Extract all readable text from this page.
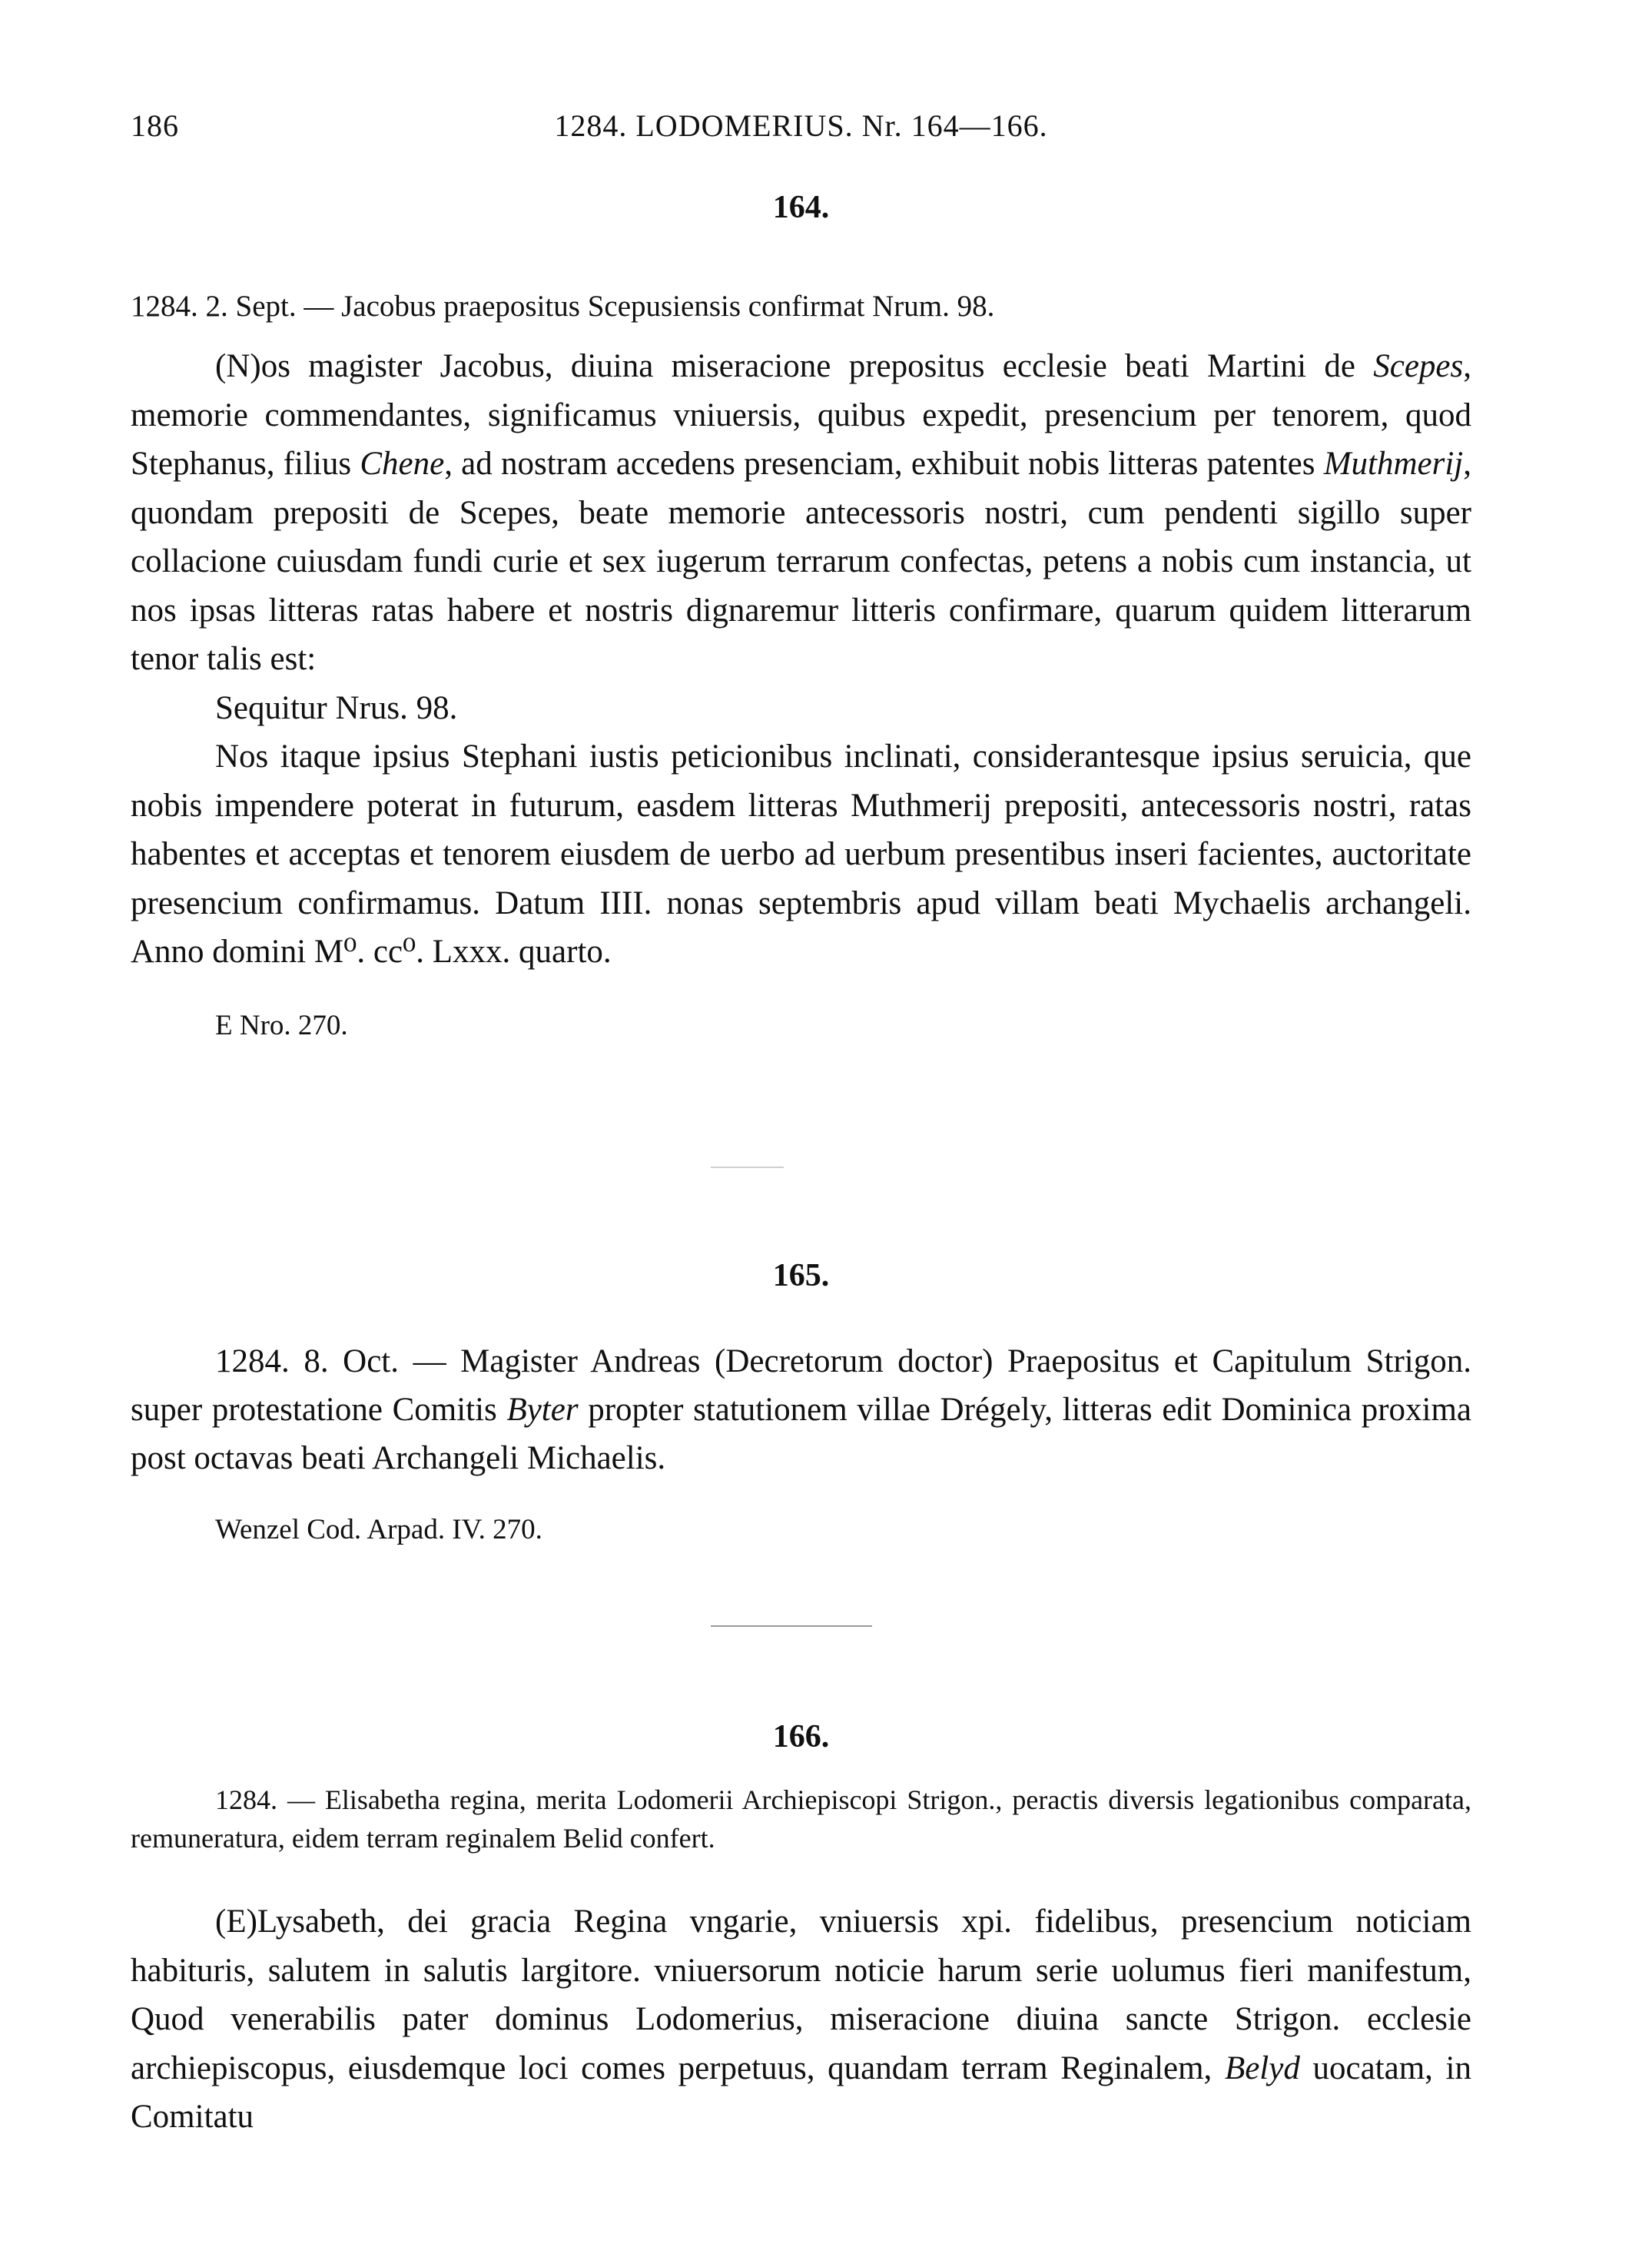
186	1284. LODOMERIUS. Nr. 164—166.

164.

1284. 2. Sept. — Jacobus praepositus Scepusiensis confirmat Nrum. 98.

(N)os magister Jacobus, diuina miseracione prepositus ecclesie beati Martini de Scepes, memorie commendantes, significamus vniuersis, quibus expedit, presencium per tenorem, quod Stephanus, filius Chene, ad nostram accedens presenciam, exhibuit nobis litteras patentes Muthmerij, quondam prepositi de Scepes, beate memorie antecessoris nostri, cum pendenti sigillo super collacione cuiusdam fundi curie et sex iugerum terrarum confectas, petens a nobis cum instancia, ut nos ipsas litteras ratas habere et nostris dignaremur litteris confirmare, quarum quidem litterarum tenor talis est:

Sequitur Nrus. 98.

Nos itaque ipsius Stephani iustis peticionibus inclinati, considerantesque ipsius seruicia, que nobis impendere poterat in futurum, easdem litteras Muthmerij prepositi, antecessoris nostri, ratas habentes et acceptas et tenorem eiusdem de uerbo ad uerbum presentibus inseri facientes, auctoritate presencium confirmamus. Datum IIII. nonas septembris apud villam beati Mychaelis archangeli. Anno domini M⁰. cc⁰. Lxxx. quarto.

E Nro. 270.

165.

1284. 8. Oct. — Magister Andreas (Decretorum doctor) Praepositus et Capitulum Strigon. super protestatione Comitis Byter propter statutionem villae Drégely, litteras edit Dominica proxima post octavas beati Archangeli Michaelis.

Wenzel Cod. Arpad. IV. 270.

166.

1284. — Elisabetha regina, merita Lodomerii Archiepiscopi Strigon., peractis diversis legationibus comparata, remuneratura, eidem terram reginalem Belid confert.

(E)Lysabeth, dei gracia Regina vngarie, vniuersis xpi. fidelibus, presencium noticiam habituris, salutem in salutis largitore. vniuersorum noticie harum serie uolumus fieri manifestum, Quod venerabilis pater dominus Lodomerius, miseracione diuina sancte Strigon. ecclesie archiepiscopus, eiusdemque loci comes perpetuus, quandam terram Reginalem, Belyd uocatam, in Comitatu
